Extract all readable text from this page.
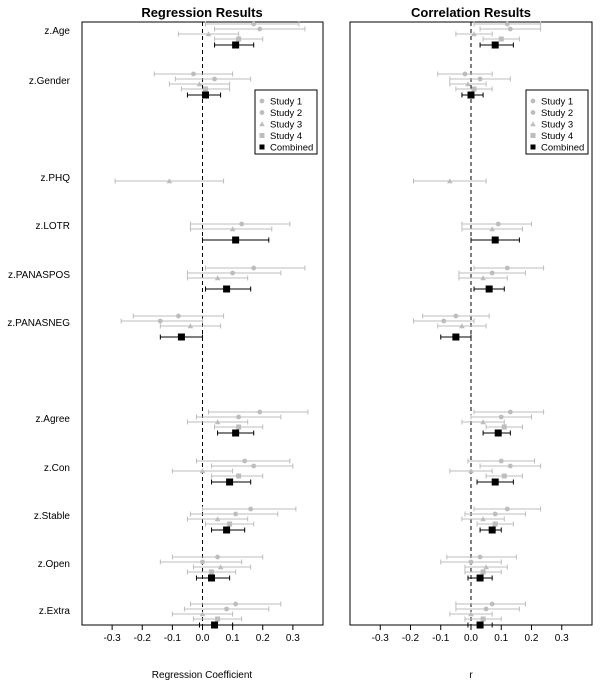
Regression Results
Regression Coefficient
-0.3 -0.2 -0.1 0.0 0.1 0.2 0.3
z.Age
z.Gender
z.PHQ
z.LOTR
z.PANASPOS
z.PANASNEG
z.Agree
z.Con
z.Stable
z.Open
z.Extra
Study 1
Study 2
Study 3
Study 4
Combined
Correlation Results
r
-0.3 -0.2 -0.1 0.0 0.1 0.2 0.3
Study 1
Study 2
Study 3
Study 4
Combined
